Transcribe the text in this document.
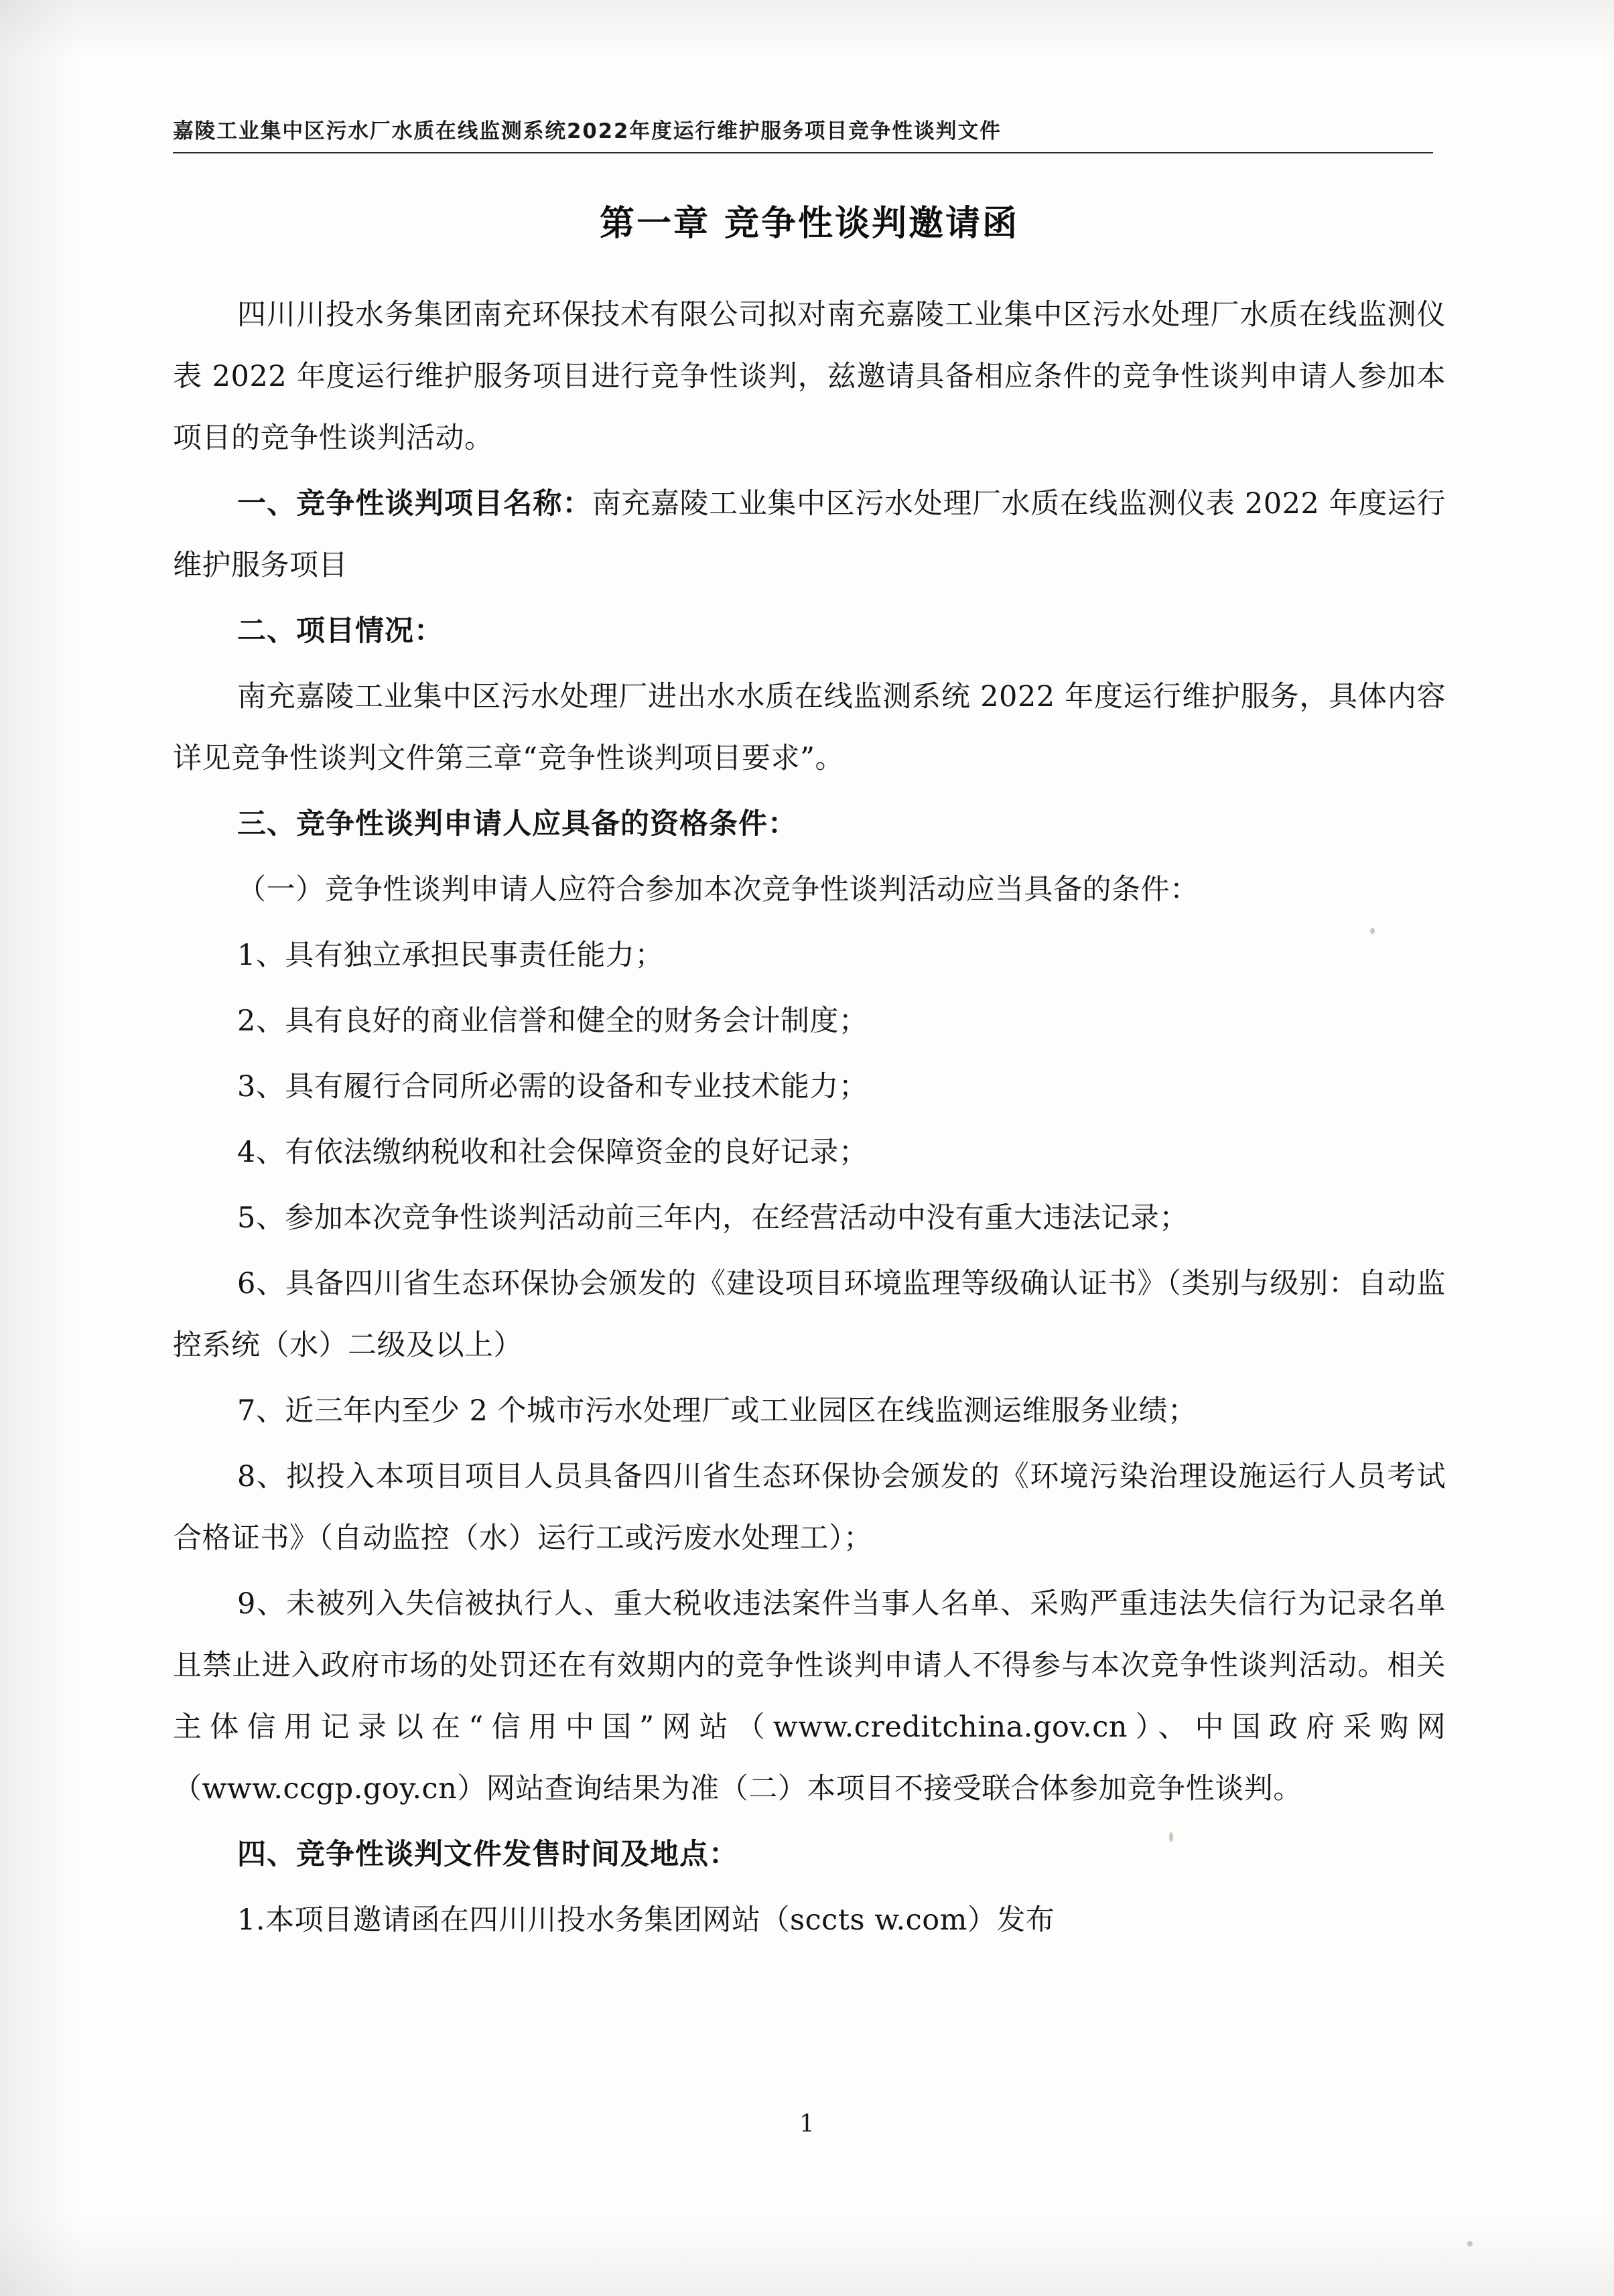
嘉陵工业集中区污水厂水质在线监测系统2022年度运行维护服务项目竞争性谈判文件
第一章 竞争性谈判邀请函

四川川投水务集团南充环保技术有限公司拟对南充嘉陵工业集中区污水处理厂水质在线监测仪表 2022 年度运行维护服务项目进行竞争性谈判，兹邀请具备相应条件的竞争性谈判申请人参加本项目的竞争性谈判活动。

一、竞争性谈判项目名称：南充嘉陵工业集中区污水处理厂水质在线监测仪表 2022 年度运行维护服务项目

二、项目情况：

南充嘉陵工业集中区污水处理厂进出水水质在线监测系统 2022 年度运行维护服务，具体内容详见竞争性谈判文件第三章“竞争性谈判项目要求”。

三、竞争性谈判申请人应具备的资格条件：

（一）竞争性谈判申请人应符合参加本次竞争性谈判活动应当具备的条件：

1、具有独立承担民事责任能力；

2、具有良好的商业信誉和健全的财务会计制度；

3、具有履行合同所必需的设备和专业技术能力；

4、有依法缴纳税收和社会保障资金的良好记录；

5、参加本次竞争性谈判活动前三年内，在经营活动中没有重大违法记录；

6、具备四川省生态环保协会颁发的《建设项目环境监理等级确认证书》（类别与级别：自动监控系统（水）二级及以上）

7、近三年内至少 2 个城市污水处理厂或工业园区在线监测运维服务业绩；

8、拟投入本项目项目人员具备四川省生态环保协会颁发的《环境污染治理设施运行人员考试合格证书》（自动监控（水）运行工或污废水处理工）；

9、未被列入失信被执行人、重大税收违法案件当事人名单、采购严重违法失信行为记录名单且禁止进入政府市场的处罚还在有效期内的竞争性谈判申请人不得参与本次竞争性谈判活动。相关主体信用记录以在“信用中国”网站（www.creditchina.gov.cn）、中国政府采购网（www.ccgp.goy.cn）网站查询结果为准（二）本项目不接受联合体参加竞争性谈判。

四、竞争性谈判文件发售时间及地点：

1.本项目邀请函在四川川投水务集团网站（sccts w.com）发布

1
